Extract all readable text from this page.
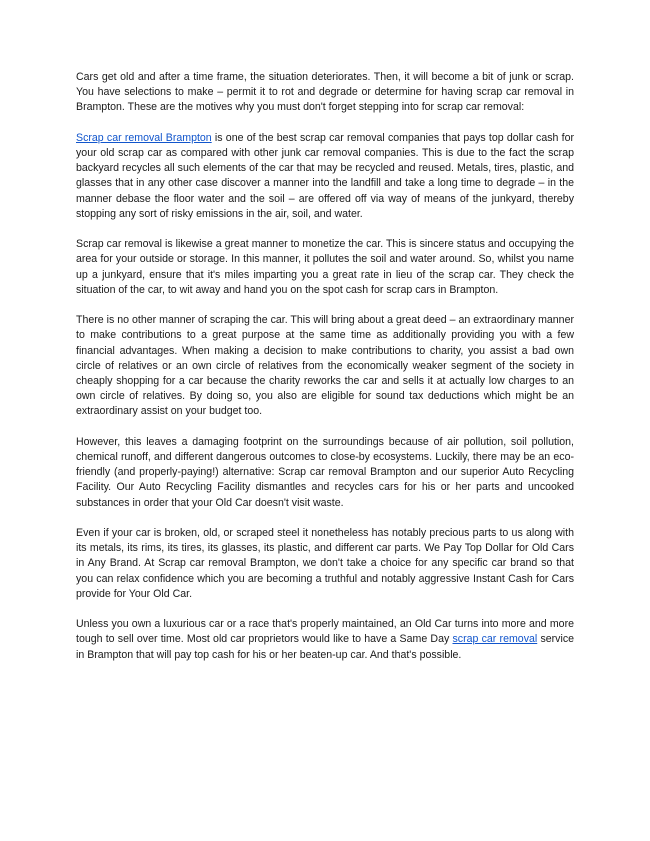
Cars get old and after a time frame, the situation deteriorates. Then, it will become a bit of junk or scrap. You have selections to make – permit it to rot and degrade or determine for having scrap car removal in Brampton. These are the motives why you must don't forget stepping into for scrap car removal:

Scrap car removal Brampton is one of the best scrap car removal companies that pays top dollar cash for your old scrap car as compared with other junk car removal companies. This is due to the fact the scrap backyard recycles all such elements of the car that may be recycled and reused. Metals, tires, plastic, and glasses that in any other case discover a manner into the landfill and take a long time to degrade – in the manner debase the floor water and the soil – are offered off via way of means of the junkyard, thereby stopping any sort of risky emissions in the air, soil, and water.

Scrap car removal is likewise a great manner to monetize the car. This is sincere status and occupying the area for your outside or storage. In this manner, it pollutes the soil and water around. So, whilst you name up a junkyard, ensure that it's miles imparting you a great rate in lieu of the scrap car. They check the situation of the car, to wit away and hand you on the spot cash for scrap cars in Brampton.

There is no other manner of scraping the car. This will bring about a great deed – an extraordinary manner to make contributions to a great purpose at the same time as additionally providing you with a few financial advantages. When making a decision to make contributions to charity, you assist a bad own circle of relatives or an own circle of relatives from the economically weaker segment of the society in cheaply shopping for a car because the charity reworks the car and sells it at actually low charges to an own circle of relatives. By doing so, you also are eligible for sound tax deductions which might be an extraordinary assist on your budget too.

However, this leaves a damaging footprint on the surroundings because of air pollution, soil pollution, chemical runoff, and different dangerous outcomes to close-by ecosystems. Luckily, there may be an eco-friendly (and properly-paying!) alternative: Scrap car removal Brampton and our superior Auto Recycling Facility. Our Auto Recycling Facility dismantles and recycles cars for his or her parts and uncooked substances in order that your Old Car doesn't visit waste.

Even if your car is broken, old, or scraped steel it nonetheless has notably precious parts to us along with its metals, its rims, its tires, its glasses, its plastic, and different car parts. We Pay Top Dollar for Old Cars in Any Brand. At Scrap car removal Brampton, we don't take a choice for any specific car brand so that you can relax confidence which you are becoming a truthful and notably aggressive Instant Cash for Cars provide for Your Old Car.

Unless you own a luxurious car or a race that's properly maintained, an Old Car turns into more and more tough to sell over time. Most old car proprietors would like to have a Same Day scrap car removal service in Brampton that will pay top cash for his or her beaten-up car. And that's possible.
